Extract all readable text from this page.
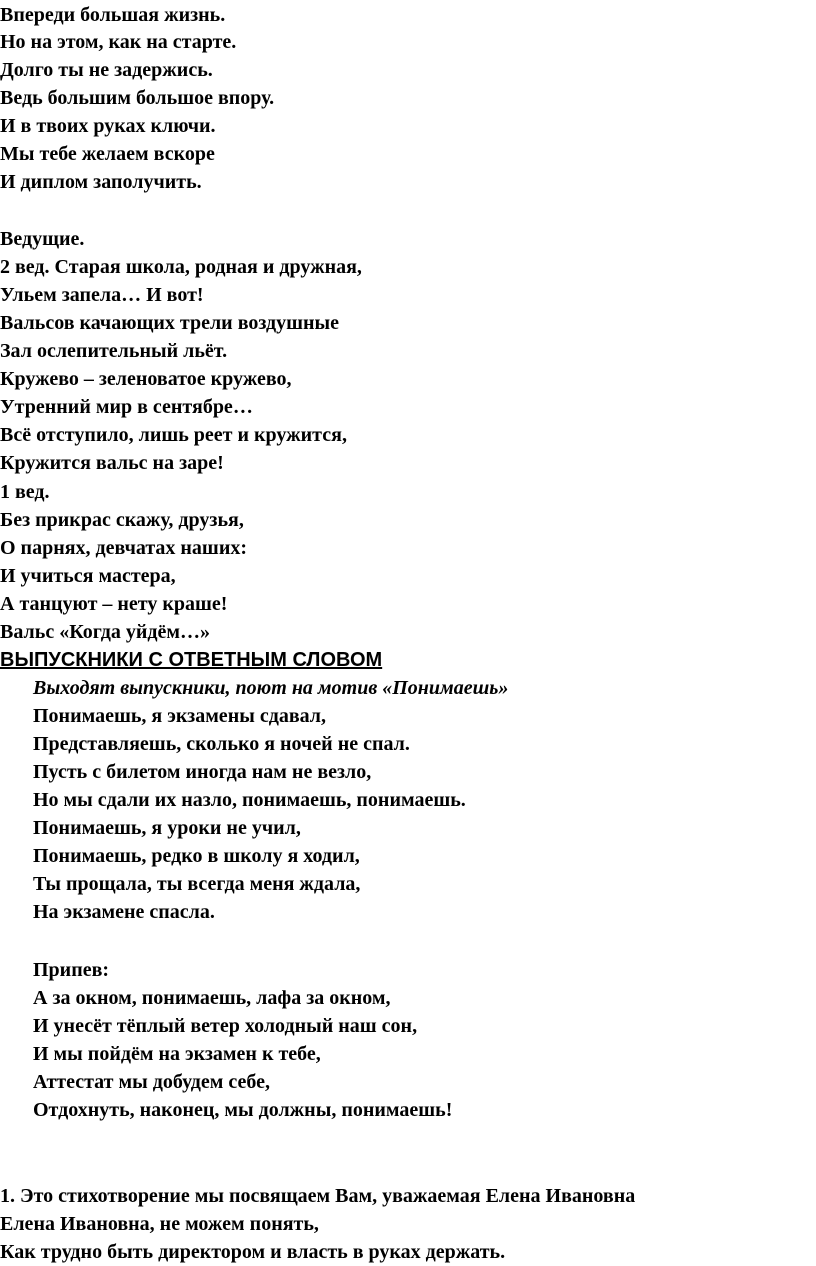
Впереди большая жизнь.
Но на этом, как на старте.
Долго ты не задержись.
Ведь большим большое впору.
И в твоих руках ключи.
Мы тебе желаем вскоре
И диплом заполучить.
Ведущие.
2 вед. Старая школа, родная и дружная,
Ульем запела… И вот!
Вальсов качающих трели воздушные
Зал ослепительный льёт.
Кружево – зеленоватое кружево,
Утренний мир в сентябре…
Всё отступило, лишь реет и кружится,
Кружится вальс на заре!
1 вед.
Без прикрас скажу, друзья,
О парнях, девчатах наших:
И учиться мастера,
А танцуют – нету краше!
Вальс «Когда уйдём…»
ВЫПУСКНИКИ С ОТВЕТНЫМ СЛОВОМ
Выходят выпускники, поют на мотив «Понимаешь»
Понимаешь, я экзамены сдавал,
Представляешь, сколько я ночей не спал.
Пусть с билетом иногда нам не везло,
Но мы сдали их назло, понимаешь, понимаешь.
Понимаешь, я уроки не учил,
Понимаешь, редко в школу я ходил,
Ты прощала, ты всегда меня ждала,
На экзамене спасла.
Припев:
А за окном, понимаешь, лафа за окном,
И унесёт тёплый ветер холодный наш сон,
И мы пойдём на экзамен к тебе,
Аттестат мы добудем себе,
Отдохнуть, наконец, мы должны, понимаешь!
1. Это стихотворение мы посвящаем Вам, уважаемая Елена Ивановна
Елена Ивановна, не можем понять,
Как трудно быть директором и власть в руках держать.
